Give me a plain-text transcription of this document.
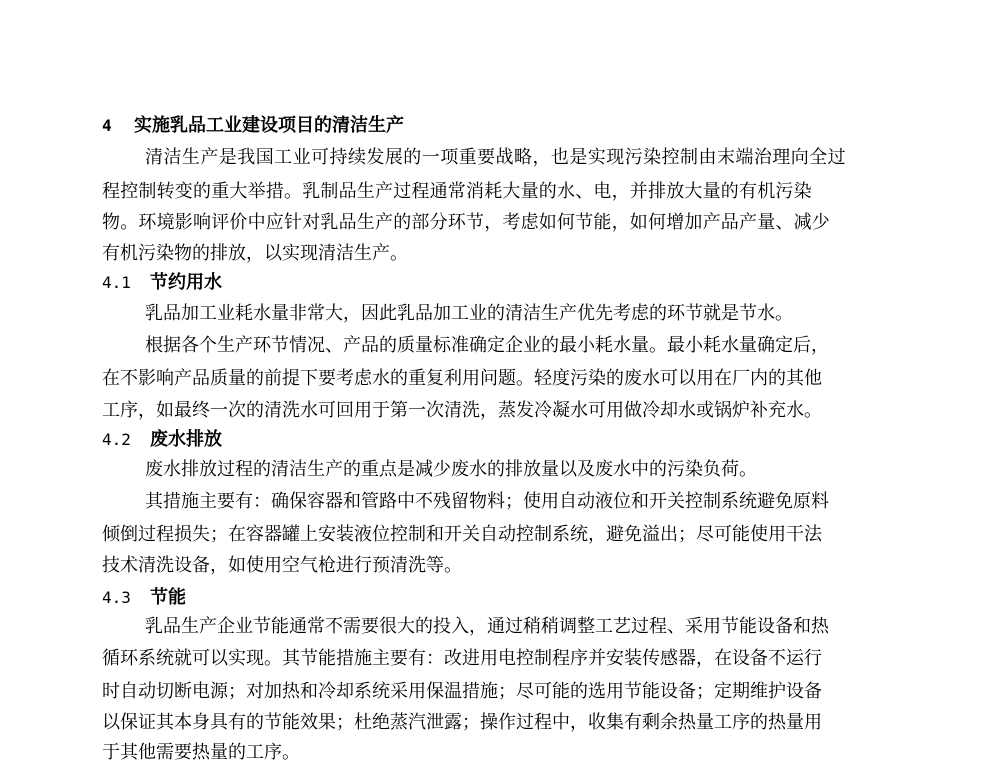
4 实施乳品工业建设项目的清洁生产
清洁生产是我国工业可持续发展的一项重要战略，也是实现污染控制由末端治理向全过
程控制转变的重大举措。乳制品生产过程通常消耗大量的水、电，并排放大量的有机污染
物。环境影响评价中应针对乳品生产的部分环节，考虑如何节能，如何增加产品产量、减少
有机污染物的排放，以实现清洁生产。
4.1 节约用水
乳品加工业耗水量非常大，因此乳品加工业的清洁生产优先考虑的环节就是节水。
根据各个生产环节情况、产品的质量标准确定企业的最小耗水量。最小耗水量确定后，
在不影响产品质量的前提下要考虑水的重复利用问题。轻度污染的废水可以用在厂内的其他
工序，如最终一次的清洗水可回用于第一次清洗，蒸发冷凝水可用做冷却水或锅炉补充水。
4.2 废水排放
废水排放过程的清洁生产的重点是减少废水的排放量以及废水中的污染负荷。
其措施主要有：确保容器和管路中不残留物料；使用自动液位和开关控制系统避免原料
倾倒过程损失；在容器罐上安装液位控制和开关自动控制系统，避免溢出；尽可能使用干法
技术清洗设备，如使用空气枪进行预清洗等。
4.3 节能
乳品生产企业节能通常不需要很大的投入，通过稍稍调整工艺过程、采用节能设备和热
循环系统就可以实现。其节能措施主要有：改进用电控制程序并安装传感器，在设备不运行
时自动切断电源；对加热和冷却系统采用保温措施；尽可能的选用节能设备；定期维护设备
以保证其本身具有的节能效果；杜绝蒸汽泄露；操作过程中，收集有剩余热量工序的热量用
于其他需要热量的工序。
